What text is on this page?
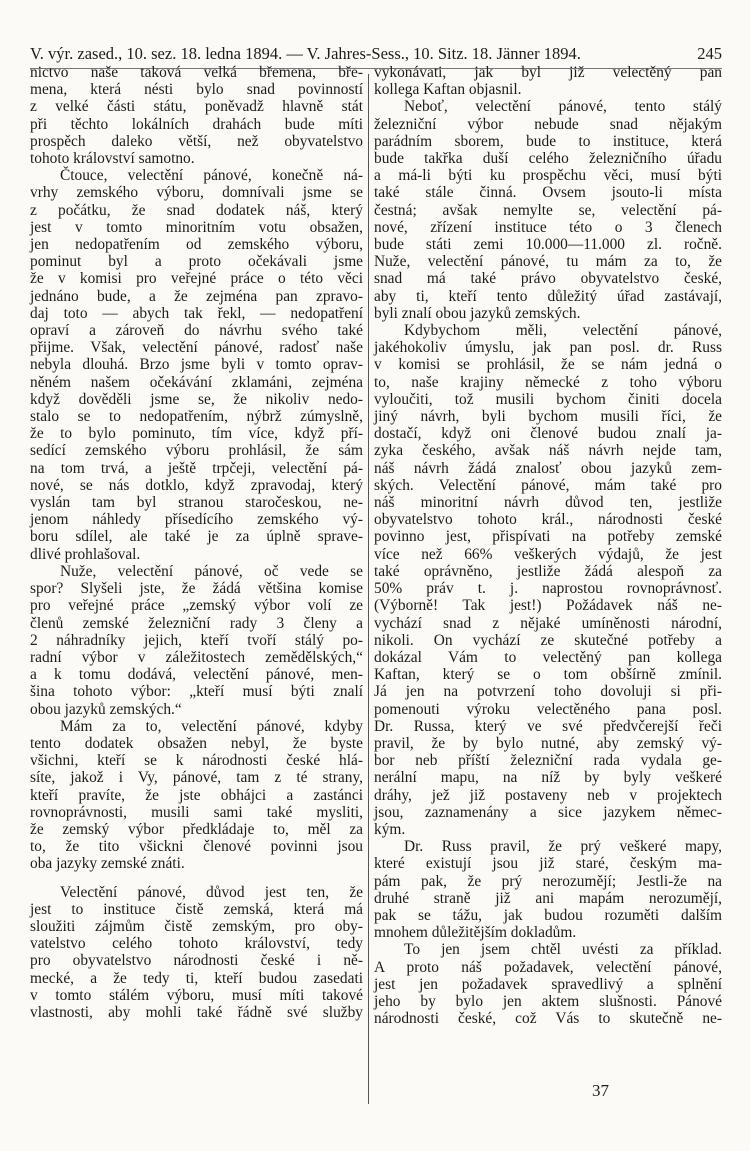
V. výr. zased., 10. sez. 18. ledna 1894. — V. Jahres-Sess., 10. Sitz. 18. Jänner 1894.	245
nictvo naše taková velká břemena, bře-
mena, která nésti bylo snad povinností
z velké části státu, poněvadž hlavně stát
při těchto lokálních drahách bude míti
prospěch daleko větší, než obyvatelstvo
tohoto království samotno.
Čtouce, velectění pánové, konečně ná-
vrhy zemského výboru, domnívali jsme se
z počátku, že snad dodatek náš, který
jest v tomto minoritním votu obsažen,
jen nedopatřením od zemského výboru,
pominut byl a proto očekávali jsme
že v komisi pro veřejné práce o této věci
jednáno bude, a že zejména pan zpravo-
daj toto — abych tak řekl, — nedopatření
opraví a zároveň do návrhu svého také
přijme. Však, velectění pánové, radosť naše
nebyla dlouhá. Brzo jsme byli v tomto oprav-
něném našem očekávání zklamáni, zejména
když dověděli jsme se, že nikoliv nedo-
stalo se to nedopatřením, nýbrž zúmyslně,
že to bylo pominuto, tím více, když pří-
sedící zemského výboru prohlásil, že sám
na tom trvá, a ještě trpčeji, velectění pá-
nové, se nás dotklo, když zpravodaj, který
vyslán tam byl stranou staročeskou, ne-
jenom náhledy přísedícího zemského vý-
boru sdílel, ale také je za úplně sprave-
dlivé prohlašoval.
Nuže, velectění pánové, oč vede se
spor? Slyšeli jste, že žádá většina komise
pro veřejné práce „zemský výbor volí ze
členů zemské železniční rady 3 členy a
2 náhradníky jejich, kteří tvoří stálý po-
radní výbor v záležitostech zemědělských,“
a k tomu dodává, velectění pánové, men-
šina tohoto výbor: „kteří musí býti znalí
obou jazyků zemských.“
Mám za to, velectění pánové, kdyby
tento dodatek obsažen nebyl, že byste
všichni, kteří se k národnosti české hlá-
síte, jakož i Vy, pánové, tam z té strany,
kteří pravíte, že jste obhájci a zastánci
rovnoprávnosti, musili sami také mysliti,
že zemský výbor předkládaje to, měl za
to, že tito všickni členové povinni jsou
oba jazyky zemské znáti.
Velectění pánové, důvod jest ten, že
jest to instituce čistě zemská, která má
sloužiti zájmům čistě zemským, pro oby-
vatelstvo celého tohoto království, tedy
pro obyvatelstvo národnosti české i ně-
mecké, a že tedy ti, kteří budou zasedati
v tomto stálém výboru, musí míti takové
vlastnosti, aby mohli také řádně své služby
vykonávati, jak byl již velectěný pan
kollega Kaftan objasnil.
Neboť, velectění pánové, tento stálý
železniční výbor nebude snad nějakým
parádním sborem, bude to instituce, která
bude takřka duší celého železničního úřadu
a má-li býti ku prospěchu věci, musí býti
také stále činná. Ovsem jsouto-li místa
čestná; avšak nemylte se, velectění pá-
nové, zřízení instituce této o 3 členech
bude státi zemi 10.000—11.000 zl. ročně.
Nuže, velectění pánové, tu mám za to, že
snad má také právo obyvatelstvo české,
aby ti, kteří tento důležitý úřad zastávají,
byli znalí obou jazyků zemských.
Kdybychom měli, velectění pánové,
jakéhokoliv úmyslu, jak pan posl. dr. Russ
v komisi se prohlásil, že se nám jedná o
to, naše krajiny německé z toho výboru
vyloučiti, tož musili bychom činiti docela
jiný návrh, byli bychom musili říci, že
dostačí, když oni členové budou znalí ja-
zyka českého, avšak náš návrh nejde tam,
náš návrh žádá znalosť obou jazyků zem-
ských. Velectění pánové, mám také pro
náš minoritní návrh důvod ten, jestliže
obyvatelstvo tohoto král., národnosti české
povinno jest, přispívati na potřeby zemské
více než 66% veškerých výdajů, že jest
také oprávněno, jestliže žádá alespoň za
50% práv t. j. naprostou rovnoprávnosť.
(Výborně! Tak jest!) Požádavek náš ne-
vychází snad z nějaké umíněnosti národní,
nikoli. On vychází ze skutečné potřeby a
dokázal Vám to velectěný pan kollega
Kaftan, který se o tom obšírně zmínil.
Já jen na potvrzení toho dovoluji si při-
pomenouti výroku velectěného pana posl.
Dr. Russa, který ve své předvčerejší řeči
pravil, že by bylo nutné, aby zemský vý-
bor neb příští železniční rada vydala ge-
nerální mapu, na níž by byly veškeré
dráhy, jež již postaveny neb v projektech
jsou, zaznamenány a sice jazykem němec-
kým.
Dr. Russ pravil, že prý veškeré mapy,
které existují jsou již staré, českým ma-
pám pak, že prý nerozumějí; Jestli-že na
druhé straně již ani mapám nerozumějí,
pak se tážu, jak budou rozuměti dalším
mnohem důležitějším dokladům.
To jen jsem chtěl uvésti za příklad.
A proto náš požadavek, velectění pánové,
jest jen požadavek spravedlivý a splnění
jeho by bylo jen aktem slušnosti. Pánové
národnosti české, což Vás to skutečně ne-
37
